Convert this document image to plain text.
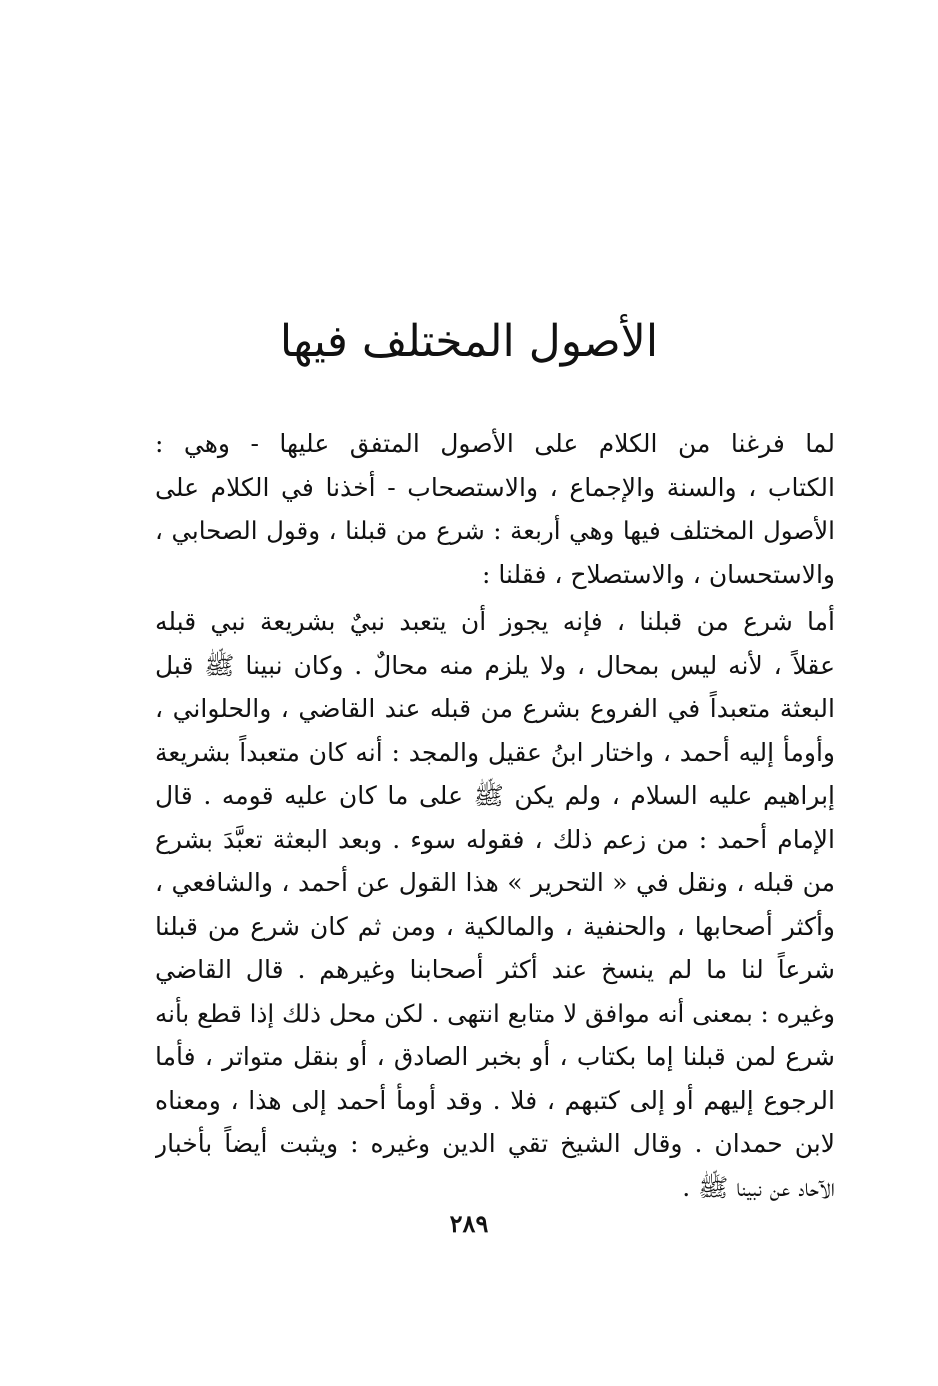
الأصول المختلف فيها
لما فرغنا من الكلام على الأصول المتفق عليها - وهي :
الكتاب ، والسنة والإجماع ، والاستصحاب - أخذنا في الكلام على
الأصول المختلف فيها وهي أربعة : شرع من قبلنا ، وقول الصحابي ،
والاستحسان ، والاستصلاح ، فقلنا :
أما شرع من قبلنا ، فإنه يجوز أن يتعبد نبيٌ بشريعة نبي قبله
عقلاً ، لأنه ليس بمحال ، ولا يلزم منه محالٌ . وكان نبينا ﷺ قبل
البعثة متعبداً في الفروع بشرع من قبله عند القاضي ، والحلواني ،
وأومأ إليه أحمد ، واختار ابنُ عقيل والمجد : أنه كان متعبداً بشريعة
إبراهيم عليه السلام ، ولم يكن ﷺ على ما كان عليه قومه . قال
الإمام أحمد : من زعم ذلك ، فقوله سوء . وبعد البعثة تعبَّدَ بشرع
من قبله ، ونقل في « التحرير » هذا القول عن أحمد ، والشافعي ،
وأكثر أصحابها ، والحنفية ، والمالكية ، ومن ثم كان شرع من قبلنا
شرعاً لنا ما لم ينسخ عند أكثر أصحابنا وغيرهم . قال القاضي
وغيره : بمعنى أنه موافق لا متابع انتهى . لكن محل ذلك إذا قطع بأنه
شرع لمن قبلنا إما بكتاب ، أو بخبر الصادق ، أو بنقل متواتر ، فأما
الرجوع إليهم أو إلى كتبهم ، فلا . وقد أومأ أحمد إلى هذا ، ومعناه
لابن حمدان . وقال الشيخ تقي الدين وغيره : ويثبت أيضاً بأخبار
الآحاد عن نبينا ﷺ .
٢٨٩
